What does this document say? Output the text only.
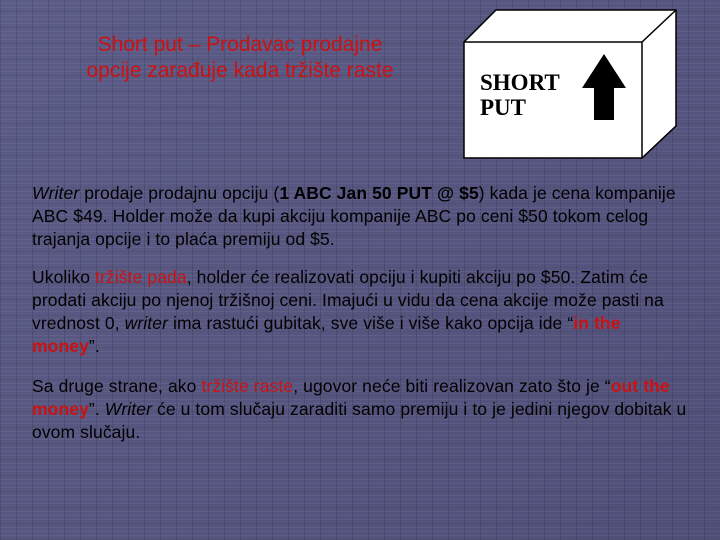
Short put – Prodavac prodajne
opcije zarađuje kada tržište raste	SHORT
PUT

Writer prodaje prodajnu opciju (1 ABC Jan 50 PUT @ $5) kada je cena kompanije ABC $49. Holder može da kupi akciju kompanije ABC po ceni $50 tokom celog trajanja opcije i to plaća premiju od $5.

Ukoliko tržište pada, holder će realizovati opciju i kupiti akciju po $50. Zatim će prodati akciju po njenoj tržišnoj ceni. Imajući u vidu da cena akcije može pasti na vrednost 0, writer ima rastući gubitak, sve više i više kako opcija ide “in the money”.

Sa druge strane, ako tržište raste, ugovor neće biti realizovan zato što je “out the money”. Writer će u tom slučaju zaraditi samo premiju i to je jedini njegov dobitak u ovom slučaju.
